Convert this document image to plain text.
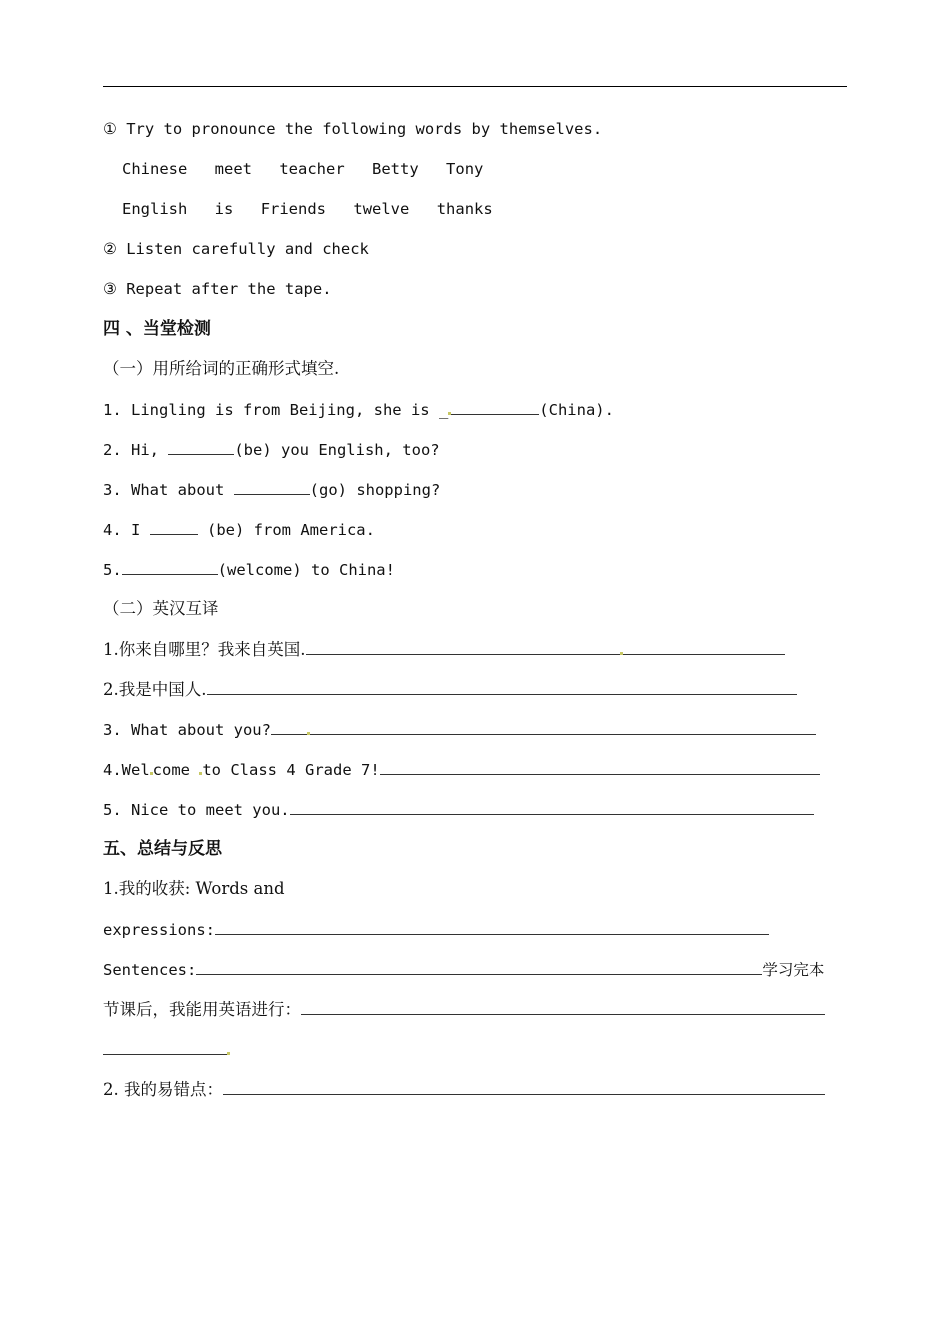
① Try to pronounce the following words by themselves.
Chinese meet teacher Betty Tony
English is Friends twelve thanks
② Listen carefully and check
③ Repeat after the tape.
四 、当堂检测
（一）用所给词的正确形式填空.
1. Lingling is from Beijing, she is _	(China).
2. Hi,	(be) you English, too?
3. What about	(go) shopping?
4. I	(be) from America.
5.	(welcome) to China!
（二）英汉互译
1.你来自哪里？我来自英国.
2.我是中国人.
3. What about you?
4.Wel come to Class 4 Grade 7!
5. Nice to meet you.
五、总结与反思
1.我的收获: Words and
expressions:
Sentences:	学习完本
节课后，我能用英语进行：
2. 我的易错点：
